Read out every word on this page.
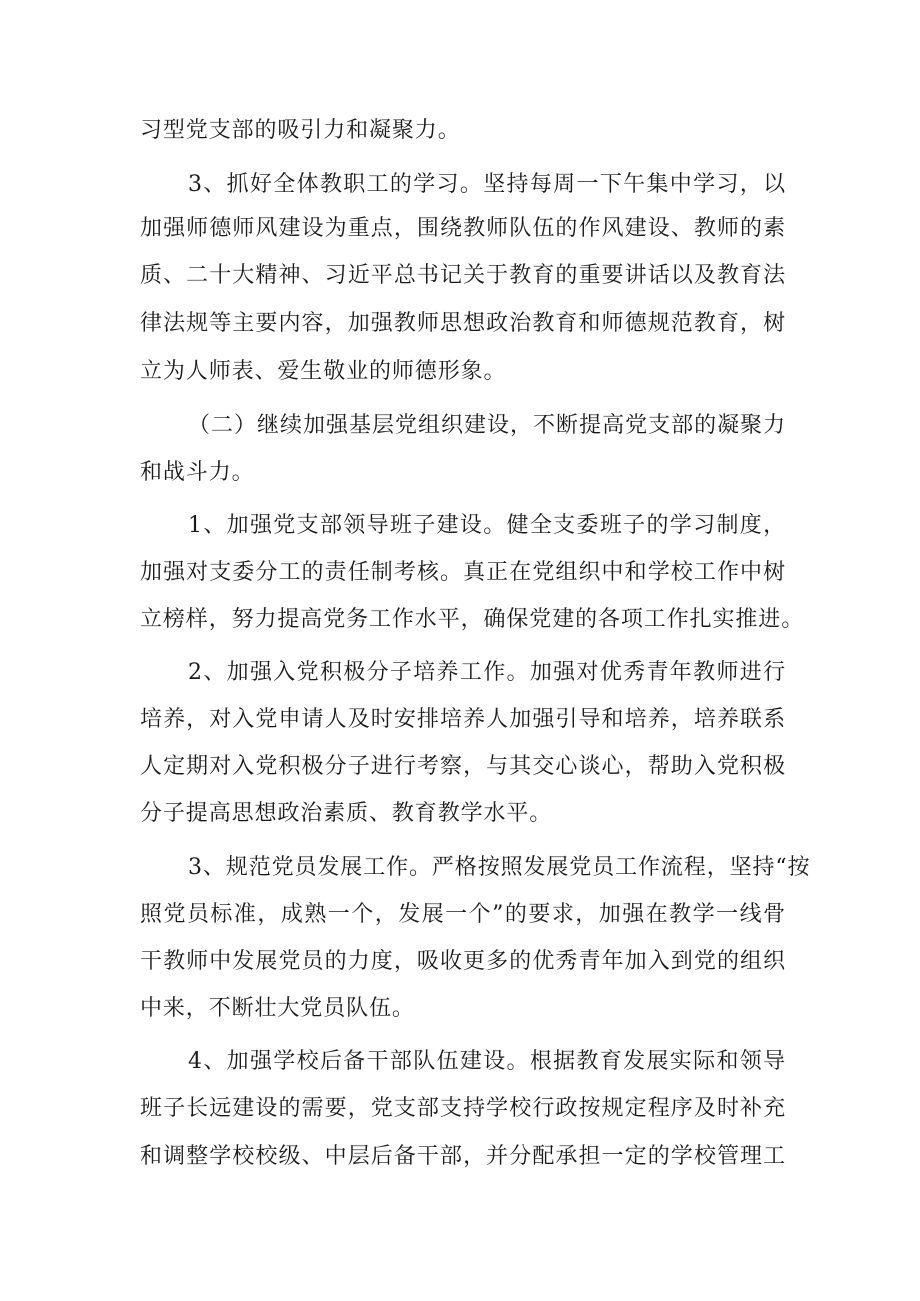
习型党支部的吸引力和凝聚力。
3、抓好全体教职工的学习。坚持每周一下午集中学习，以
加强师德师风建设为重点，围绕教师队伍的作风建设、教师的素
质、二十大精神、习近平总书记关于教育的重要讲话以及教育法
律法规等主要内容，加强教师思想政治教育和师德规范教育，树
立为人师表、爱生敬业的师德形象。
（二）继续加强基层党组织建设，不断提高党支部的凝聚力
和战斗力。
1、加强党支部领导班子建设。健全支委班子的学习制度，
加强对支委分工的责任制考核。真正在党组织中和学校工作中树
立榜样，努力提高党务工作水平，确保党建的各项工作扎实推进。
2、加强入党积极分子培养工作。加强对优秀青年教师进行
培养，对入党申请人及时安排培养人加强引导和培养，培养联系
人定期对入党积极分子进行考察，与其交心谈心，帮助入党积极
分子提高思想政治素质、教育教学水平。
3、规范党员发展工作。严格按照发展党员工作流程，坚持“按
照党员标准，成熟一个，发展一个”的要求，加强在教学一线骨
干教师中发展党员的力度，吸收更多的优秀青年加入到党的组织
中来，不断壮大党员队伍。
4、加强学校后备干部队伍建设。根据教育发展实际和领导
班子长远建设的需要，党支部支持学校行政按规定程序及时补充
和调整学校校级、中层后备干部，并分配承担一定的学校管理工
